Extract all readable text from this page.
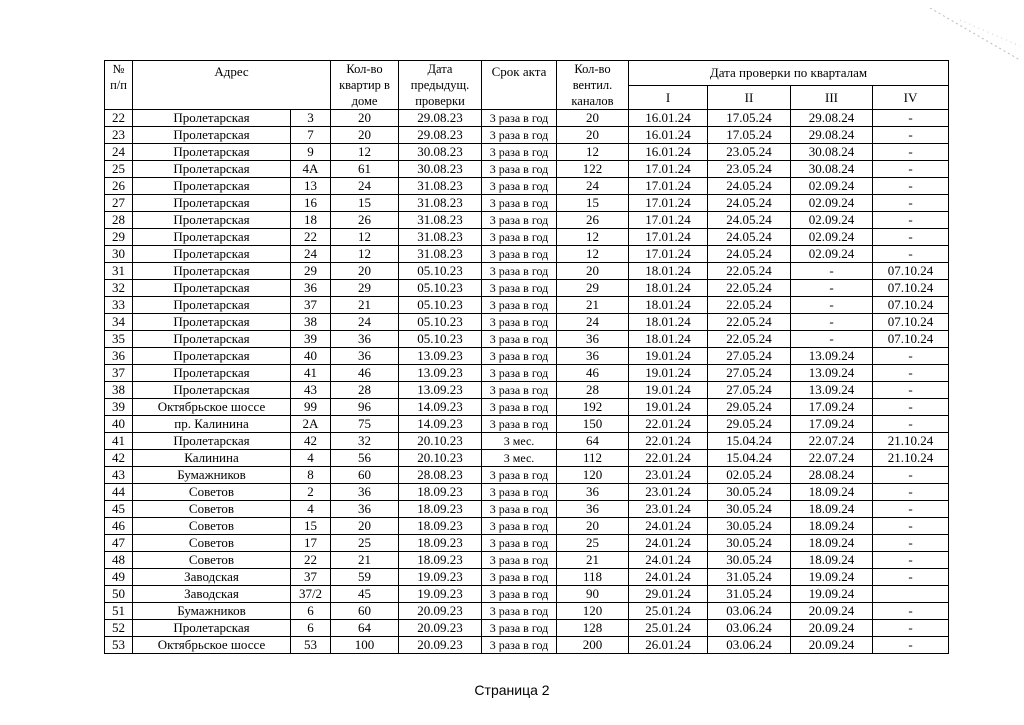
№
п/п	Адрес		Кол-во
квартир в
доме	Дата
предыдущ.
проверки	Срок акта	Кол-во
вентил.
каналов	Дата проверки по кварталам			
							I	II	III	IV
22	Пролетарская	3	20	29.08.23	3 раза в год	20	16.01.24	17.05.24	29.08.24	-
23	Пролетарская	7	20	29.08.23	3 раза в год	20	16.01.24	17.05.24	29.08.24	-
24	Пролетарская	9	12	30.08.23	3 раза в год	12	16.01.24	23.05.24	30.08.24	-
25	Пролетарская	4А	61	30.08.23	3 раза в год	122	17.01.24	23.05.24	30.08.24	-
26	Пролетарская	13	24	31.08.23	3 раза в год	24	17.01.24	24.05.24	02.09.24	-
27	Пролетарская	16	15	31.08.23	3 раза в год	15	17.01.24	24.05.24	02.09.24	-
28	Пролетарская	18	26	31.08.23	3 раза в год	26	17.01.24	24.05.24	02.09.24	-
29	Пролетарская	22	12	31.08.23	3 раза в год	12	17.01.24	24.05.24	02.09.24	-
30	Пролетарская	24	12	31.08.23	3 раза в год	12	17.01.24	24.05.24	02.09.24	-
31	Пролетарская	29	20	05.10.23	3 раза в год	20	18.01.24	22.05.24	-	07.10.24
32	Пролетарская	36	29	05.10.23	3 раза в год	29	18.01.24	22.05.24	-	07.10.24
33	Пролетарская	37	21	05.10.23	3 раза в год	21	18.01.24	22.05.24	-	07.10.24
34	Пролетарская	38	24	05.10.23	3 раза в год	24	18.01.24	22.05.24	-	07.10.24
35	Пролетарская	39	36	05.10.23	3 раза в год	36	18.01.24	22.05.24	-	07.10.24
36	Пролетарская	40	36	13.09.23	3 раза в год	36	19.01.24	27.05.24	13.09.24	-
37	Пролетарская	41	46	13.09.23	3 раза в год	46	19.01.24	27.05.24	13.09.24	-
38	Пролетарская	43	28	13.09.23	3 раза в год	28	19.01.24	27.05.24	13.09.24	-
39	Октябрьское шоссе	99	96	14.09.23	3 раза в год	192	19.01.24	29.05.24	17.09.24	-
40	пр. Калинина	2А	75	14.09.23	3 раза в год	150	22.01.24	29.05.24	17.09.24	-
41	Пролетарская	42	32	20.10.23	3 мес.	64	22.01.24	15.04.24	22.07.24	21.10.24
42	Калинина	4	56	20.10.23	3 мес.	112	22.01.24	15.04.24	22.07.24	21.10.24
43	Бумажников	8	60	28.08.23	3 раза в год	120	23.01.24	02.05.24	28.08.24	-
44	Советов	2	36	18.09.23	3 раза в год	36	23.01.24	30.05.24	18.09.24	-
45	Советов	4	36	18.09.23	3 раза в год	36	23.01.24	30.05.24	18.09.24	-
46	Советов	15	20	18.09.23	3 раза в год	20	24.01.24	30.05.24	18.09.24	-
47	Советов	17	25	18.09.23	3 раза в год	25	24.01.24	30.05.24	18.09.24	-
48	Советов	22	21	18.09.23	3 раза в год	21	24.01.24	30.05.24	18.09.24	-
49	Заводская	37	59	19.09.23	3 раза в год	118	24.01.24	31.05.24	19.09.24	-
50	Заводская	37/2	45	19.09.23	3 раза в год	90	29.01.24	31.05.24	19.09.24	
51	Бумажников	6	60	20.09.23	3 раза в год	120	25.01.24	03.06.24	20.09.24	-
52	Пролетарская	6	64	20.09.23	3 раза в год	128	25.01.24	03.06.24	20.09.24	-
53	Октябрьское шоссе	53	100	20.09.23	3 раза в год	200	26.01.24	03.06.24	20.09.24	-
Страница 2
